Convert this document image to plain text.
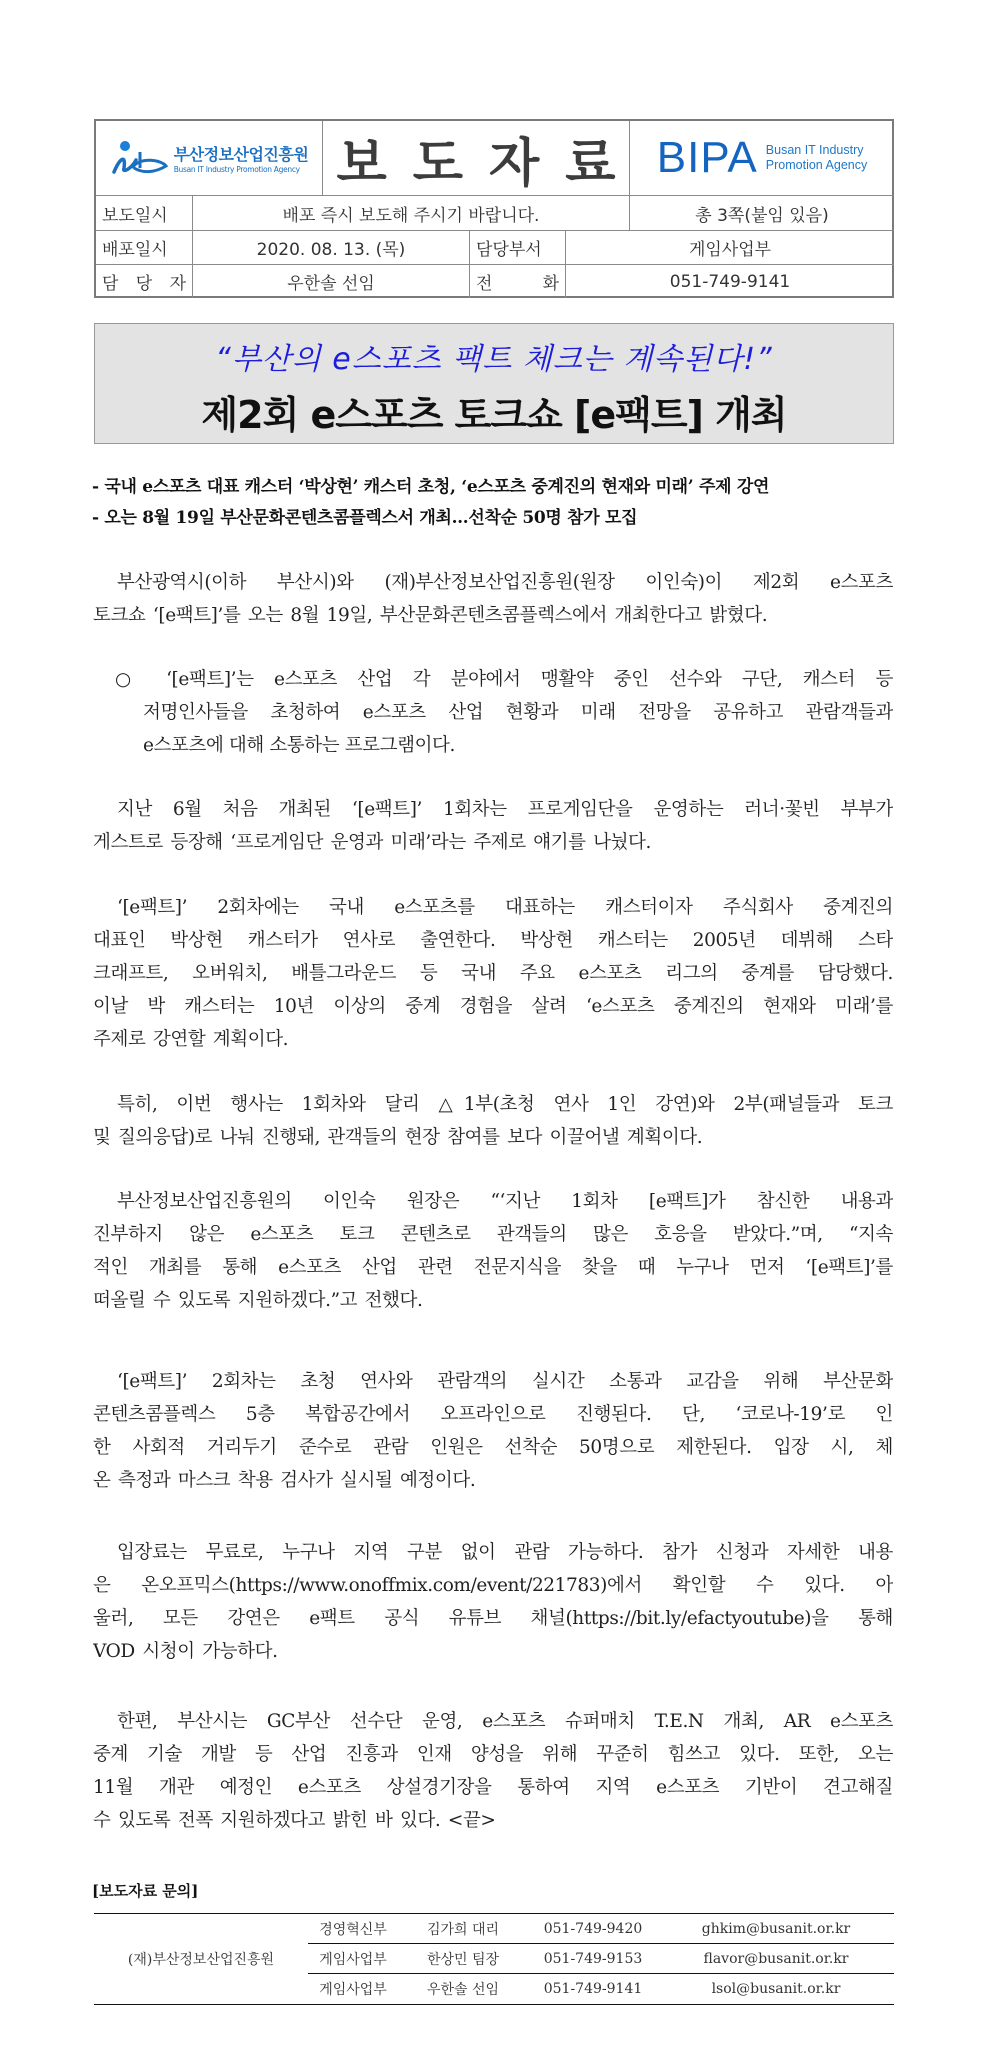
부산정보산업진흥원
Busan IT Industry Promotion Agency 보도자료 BIPA Busan IT Industry
Promotion Agency
보도일시	배포 즉시 보도해 주시기 바랍니다.	총 3쪽(붙임 있음)
배포일시	2020. 08. 13. (목)	담당부서	게임사업부
담 당 자	우한솔 선임	전	화	051-749-9141
“부산의 e스포츠 팩트 체크는 계속된다!”
제2회 e스포츠 토크쇼 [e팩트] 개최
- 국내 e스포츠 대표 캐스터 ‘박상현’ 캐스터 초청, ‘e스포츠 중계진의 현재와 미래’ 주제 강연
- 오는 8월 19일 부산문화콘텐츠콤플렉스서 개최…선착순 50명 참가 모집
부산광역시(이하 부산시)와 (재)부산정보산업진흥원(원장 이인숙)이 제2회 e스포츠
토크쇼 ‘[e팩트]’를 오는 8월 19일, 부산문화콘텐츠콤플렉스에서 개최한다고 밝혔다.
○ ‘[e팩트]’는 e스포츠 산업 각 분야에서 맹활약 중인 선수와 구단, 캐스터 등
저명인사들을 초청하여 e스포츠 산업 현황과 미래 전망을 공유하고 관람객들과
e스포츠에 대해 소통하는 프로그램이다.
지난 6월 처음 개최된 ‘[e팩트]’ 1회차는 프로게임단을 운영하는 러너·꽃빈 부부가
게스트로 등장해 ‘프로게임단 운영과 미래’라는 주제로 얘기를 나눴다.
‘[e팩트]’ 2회차에는 국내 e스포츠를 대표하는 캐스터이자 주식회사 중계진의
대표인 박상현 캐스터가 연사로 출연한다. 박상현 캐스터는 2005년 데뷔해 스타
크래프트, 오버워치, 배틀그라운드 등 국내 주요 e스포츠 리그의 중계를 담당했다.
이날 박 캐스터는 10년 이상의 중계 경험을 살려 ‘e스포츠 중계진의 현재와 미래’를
주제로 강연할 계획이다.
특히, 이번 행사는 1회차와 달리 △1부(초청 연사 1인 강연)와 2부(패널들과 토크
및 질의응답)로 나눠 진행돼, 관객들의 현장 참여를 보다 이끌어낼 계획이다.
부산정보산업진흥원의 이인숙 원장은 “‘지난 1회차 [e팩트]가 참신한 내용과
진부하지 않은 e스포츠 토크 콘텐츠로 관객들의 많은 호응을 받았다.”며, “지속
적인 개최를 통해 e스포츠 산업 관련 전문지식을 찾을 때 누구나 먼저 ‘[e팩트]’를
떠올릴 수 있도록 지원하겠다.”고 전했다.
‘[e팩트]’ 2회차는 초청 연사와 관람객의 실시간 소통과 교감을 위해 부산문화
콘텐츠콤플렉스 5층 복합공간에서 오프라인으로 진행된다. 단, ‘코로나-19’로 인
한 사회적 거리두기 준수로 관람 인원은 선착순 50명으로 제한된다. 입장 시, 체
온 측정과 마스크 착용 검사가 실시될 예정이다.
입장료는 무료로, 누구나 지역 구분 없이 관람 가능하다. 참가 신청과 자세한 내용
은 온오프믹스(https://www.onoffmix.com/event/221783)에서 확인할 수 있다. 아
울러, 모든 강연은 e팩트 공식 유튜브 채널(https://bit.ly/efactyoutube)을 통해
VOD 시청이 가능하다.
한편, 부산시는 GC부산 선수단 운영, e스포츠 슈퍼매치 T.E.N 개최, AR e스포츠
중계 기술 개발 등 산업 진흥과 인재 양성을 위해 꾸준히 힘쓰고 있다. 또한, 오는
11월 개관 예정인 e스포츠 상설경기장을 통하여 지역 e스포츠 기반이 견고해질
수 있도록 전폭 지원하겠다고 밝힌 바 있다. <끝>
[보도자료 문의]
(재)부산정보산업진흥원
경영혁신부	김가희 대리	051-749-9420	ghkim@busanit.or.kr
게임사업부	한상민 팀장	051-749-9153	flavor@busanit.or.kr
게임사업부	우한솔 선임	051-749-9141	lsol@busanit.or.kr
